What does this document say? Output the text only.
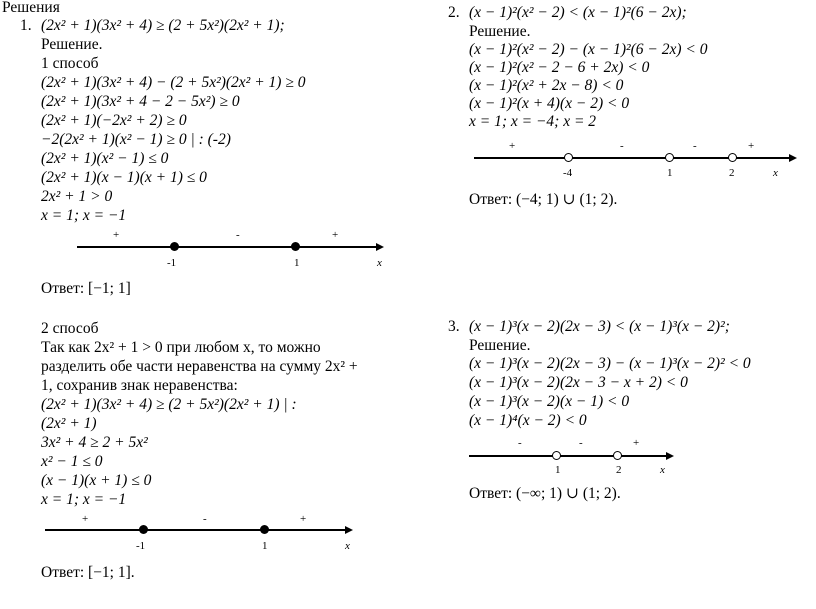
Решения
1. (2x² + 1)(3x² + 4) ≥ (2 + 5x²)(2x² + 1);
Решение.
1 способ
(2x² + 1)(3x² + 4) − (2 + 5x²)(2x² + 1) ≥ 0
(2x² + 1)(3x² + 4 − 2 − 5x²) ≥ 0
(2x² + 1)(−2x² + 2) ≥ 0
−2(2x² + 1)(x² − 1) ≥ 0 | : (-2)
(2x² + 1)(x² − 1) ≤ 0
(2x² + 1)(x − 1)(x + 1) ≤ 0
2x² + 1 > 0
x = 1; x = −1
+	-	+
-1	1	x
Ответ: [−1; 1]
2 способ
Так как 2x² + 1 > 0 при любом x, то можно
разделить обе части неравенства на сумму 2x² +
1, сохранив знак неравенства:
(2x² + 1)(3x² + 4) ≥ (2 + 5x²)(2x² + 1) | :
(2x² + 1)
3x² + 4 ≥ 2 + 5x²
x² − 1 ≤ 0
(x − 1)(x + 1) ≤ 0
x = 1; x = −1
+	-	+
-1	1	x
Ответ: [−1; 1].
2. (x − 1)²(x² − 2) < (x − 1)²(6 − 2x);
Решение.
(x − 1)²(x² − 2) − (x − 1)²(6 − 2x) < 0
(x − 1)²(x² − 2 − 6 + 2x) < 0
(x − 1)²(x² + 2x − 8) < 0
(x − 1)²(x + 4)(x − 2) < 0
x = 1; x = −4; x = 2
+	-	-	+
-4	1	2	x
Ответ: (−4; 1) ∪ (1; 2).
3. (x − 1)³(x − 2)(2x − 3) < (x − 1)³(x − 2)²;
Решение.
(x − 1)³(x − 2)(2x − 3) − (x − 1)³(x − 2)² < 0
(x − 1)³(x − 2)(2x − 3 − x + 2) < 0
(x − 1)³(x − 2)(x − 1) < 0
(x − 1)⁴(x − 2) < 0
-	-	+
1	2	x
Ответ: (−∞; 1) ∪ (1; 2).
